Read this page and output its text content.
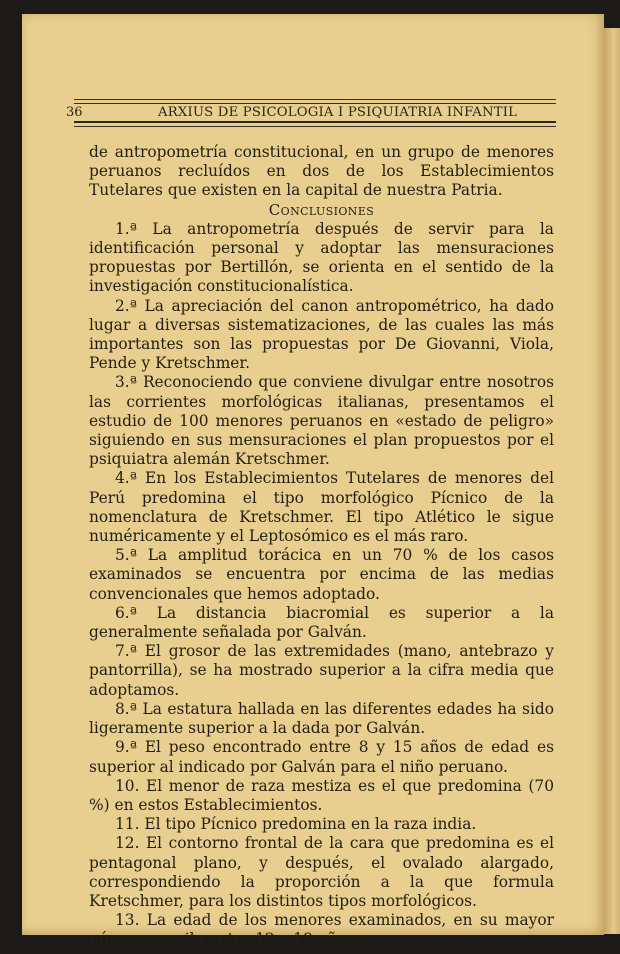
36	ARXIUS DE PSICOLOGIA I PSIQUIATRIA INFANTIL

de antropometría constitucional, en un grupo de menores peruanos recluídos en dos de los Establecimientos Tutelares que existen en la capital de nuestra Patria.

Conclusiones

1.ª La antropometría después de servir para la identificación personal y adoptar las mensuraciones propuestas por Bertillón, se orienta en el sentido de la investigación constitucionalística.

2.ª La apreciación del canon antropométrico, ha dado lugar a diversas sistematizaciones, de las cuales las más importantes son las propuestas por De Giovanni, Viola, Pende y Kretschmer.

3.ª Reconociendo que conviene divulgar entre nosotros las corrientes morfológicas italianas, presentamos el estudio de 100 menores peruanos en «estado de peligro» siguiendo en sus mensuraciones el plan propuestos por el psiquiatra alemán Kretschmer.

4.ª En los Establecimientos Tutelares de menores del Perú predomina el tipo morfológico Pícnico de la nomenclatura de Kretschmer. El tipo Atlético le sigue numéricamente y el Leptosómico es el más raro.

5.ª La amplitud torácica en un 70 % de los casos examinados se encuentra por encima de las medias convencionales que hemos adoptado.

6.ª La distancia biacromial es superior a la generalmente señalada por Galván.

7.ª El grosor de las extremidades (mano, antebrazo y pantorrilla), se ha mostrado superior a la cifra media que adoptamos.

8.ª La estatura hallada en las diferentes edades ha sido ligeramente superior a la dada por Galván.

9.ª El peso encontrado entre 8 y 15 años de edad es superior al indicado por Galván para el niño peruano.

10. El menor de raza mestiza es el que predomina (70 %) en estos Establecimientos.

11. El tipo Pícnico predomina en la raza india.

12. El contorno frontal de la cara que predomina es el pentagonal plano, y después, el ovalado alargado, correspondiendo la proporción a la que formula Kretschmer, para los distintos tipos morfológicos.

13. La edad de los menores examinados, en su mayor número, oscila entre 12 y 18 años.
